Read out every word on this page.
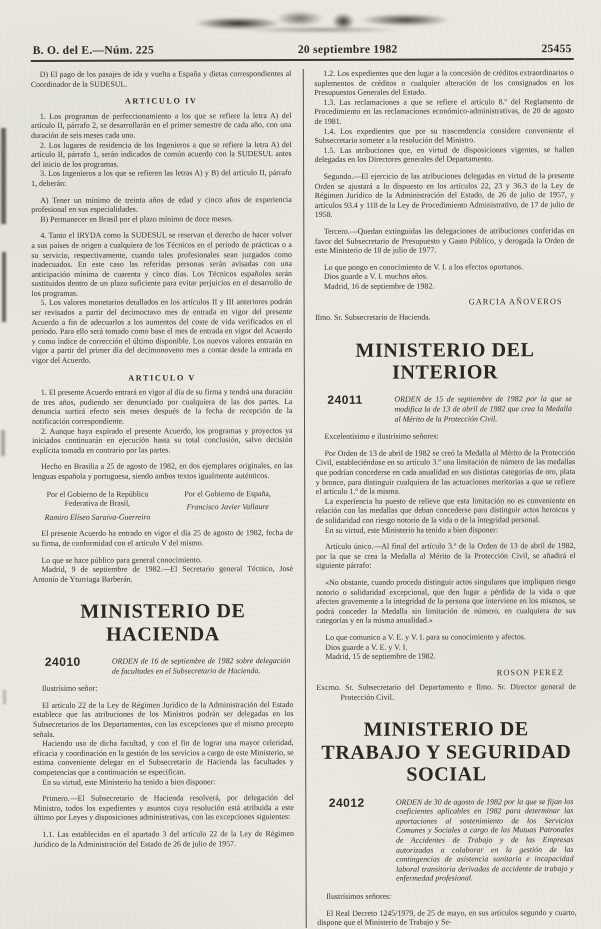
B. O. del E.—Núm. 225	20 septiembre 1982	25455

D) El pago de los pasajes de ida y vuelta a España y dietas correspondientes al Coordinador de la SUDESUL.

ARTICULO IV

1. Los programas de perfeccionamiento a los que se refiere la letra A) del artículo II, párrafo 2, se desarrollarán en el primer semestre de cada año, con una duración de seis meses cada uno.

2. Los lugares de residencia de los Ingenieros a que se refiere la letra A) del artículo II, párrafo 1, serán indicados de común acuerdo con la SUDESUL antes del inicio de los programas.

3. Los Ingenieros a los que se refieren las letras A) y B) del artículo II, párrafo 1, deberán:

A) Tener un mínimo de treinta años de edad y cinco años de experiencia profesional en sus especialidades.

B) Permanecer en Brasil por el plazo mínimo de doce meses.

4. Tanto el IRYDA como la SUDESUL se reservan el derecho de hacer volver a sus países de origen a cualquiera de los Técnicos en el período de prácticas o a su servicio, respectivamente, cuando tales profesionales sean juzgados como inadecuados. En este caso las referidas personas serán avisadas con una anticipación mínima de cuarenta y cinco días. Los Técnicos españoles serán sustituidos dentro de un plazo suficiente para evitar perjuicios en el desarrollo de los programas.

5. Los valores monetarios detallados en los artículos II y III anteriores podrán ser revisados a partir del decimoctavo mes de entrada en vigor del presente Acuerdo a fin de adecuarlos a los aumentos del coste de vida verificados en el período. Para ello será tomado como base el mes de entrada en vigor del Acuerdo y como índice de corrección el último disponible. Los nuevos valores entrarán en vigor a partir del primer día del decimonoveno mes a contar desde la entrada en vigor del Acuerdo.

ARTICULO V

1. El presente Acuerdo entrará en vigor al día de su firma y tendrá una duración de tres años, pudiendo ser denunciado por cualquiera de las dos partes. La denuncia surtirá efecto seis meses después de la fecha de recepción de la notificación correspondiente.

2. Aunque haya expirado el presente Acuerdo, los programas y proyectos ya iniciados continuarán en ejecución hasta su total conclusión, salvo decisión explícita tomada en contrario por las partes.

Hecho en Brasilia a 25 de agosto de 1982, en dos ejemplares originales, en las lenguas española y portuguesa, siendo ambos textos igualmente auténticos.

Por el Gobierno de la República Federativa de Brasil,
Ramiro Elíseo Saraiva-Guerreiro
Por el Gobierno de España,
Francisco Javier Vallaure

El presente Acuerdo ha entrado en vigor el día 25 de agosto de 1982, fecha de su firma, de conformidad con el artículo V del mismo.

Lo que se hace público para general conocimiento.

Madrid, 9 de septiembre de 1982.—El Secretario general Técnico, José Antonio de Yturriaga Barberán.

MINISTERIO DE HACIENDA
24010	ORDEN de 16 de septiembre de 1982 sobre delegación de facultades en el Subsecretario de Hacienda.

Ilustrísimo señor:

El artículo 22 de la Ley de Régimen Jurídico de la Administración del Estado establece que las atribuciones de los Ministros podrán ser delegadas en los Subsecretarios de los Departamentos, con las excepciones que el mismo precepto señala.

Haciendo uso de dicha facultad, y con el fin de lograr una mayor celeridad, eficacia y coordinación en la gestión de los servicios a cargo de este Ministerio, se estima conveniente delegar en el Subsecretario de Hacienda las facultades y competencias que a continuación se especifican.

En su virtud, este Ministerio ha tenido a bien disponer:

Primero.—El Subsecretario de Hacienda resolverá, por delegación del Ministro, todos los expedientes y asuntos cuya resolución está atribuida a este último por Leyes y disposiciones administrativas, con las excepciones siguientes:

1.1. Las establecidas en el apartado 3 del artículo 22 de la Ley de Régimen Jurídico de la Administración del Estado de 26 de julio de 1957.

1.2. Los expedientes que den lugar a la concesión de créditos extraordinarios o suplementos de créditos o cualquier alteración de los consignados en los Presupuestos Generales del Estado.

1.3. Las reclamaciones a que se refiere el artículo 8.º del Reglamento de Procedimiento en las reclamaciones económico-administrativas, de 20 de agosto de 1981.

1.4. Los expedientes que por su trascendencia considere conveniente el Subsecretario someter a la resolución del Ministro.

1.5. Las atribuciones que, en virtud de disposiciones vigentes, se hallen delegadas en los Directores generales del Departamento.

Segundo.—El ejercicio de las atribuciones delegadas en virtud de la presente Orden se ajustará a lo dispuesto en los artículos 22, 23 y 36.3 de la Ley de Régimen Jurídico de la Administración del Estado, de 26 de julio de 1957, y artículos 93.4 y 118 de la Ley de Procedimiento Administrativo, de 17 de julio de 1958.

Tercero.—Quedan extinguidas las delegaciones de atribuciones conferidas en favor del Subsecretario de Presupuesto y Gasto Público, y derogada la Orden de este Ministerio de 18 de julio de 1977.

Lo que pongo en conocimiento de V. I. a los efectos oportunos.

Dios guarde a V. I. muchos años.

Madrid, 16 de septiembre de 1982.

GARCIA AÑOVEROS
Ilmo. Sr. Subsecretario de Hacienda.
MINISTERIO DEL INTERIOR
24011	ORDEN de 15 de septiembre de 1982 por la que se modifica la de 13 de abril de 1982 que crea la Medalla al Mérito de la Protección Civil.

Excelentísimo e ilustrísimo señores:

Por Orden de 13 de abril de 1982 se creó la Medalla al Mérito de la Protección Civil, estableciéndose en su artículo 3.º una limitación de número de las medallas que podrían concederse en cada anualidad en sus distintas categorías de oro, plata y bronce, para distinguir cualquiera de las actuaciones meritorias a que se refiere el artículo 1.º de la misma.

La experiencia ha puesto de relieve que esta limitación no es conveniente en relación con las medallas que deban concederse para distinguir actos heroicos y de solidaridad con riesgo notorio de la vida o de la integridad personal.

En su virtud, este Ministerio ha tenido a bien disponer:

Artículo único.—Al final del artículo 3.º de la Orden de 13 de abril de 1982, por la que se crea la Medalla al Mérito de la Protección Civil, se añadirá el siguiente párrafo:

«No obstante, cuando proceda distinguir actos singulares que impliquen riesgo notorio o solidaridad excepcional, que den lugar a pérdida de la vida o que afecten gravemente a la integridad de la persona que interviene en los mismos, se podrá conceder la Medalla sin limitación de número, en cualquiera de sus categorías y en la misma anualidad.»

Lo que comunico a V. E. y V. I. para su conocimiento y afectos.

Dios guarde a V. E. y V. I.

Madrid, 15 de septiembre de 1982.

ROSON PEREZ
Excmo. Sr. Subsecretario del Departamento e Ilmo. Sr. Director general de Protección Civil.
MINISTERIO DE TRABAJO Y SEGURIDAD SOCIAL
24012	ORDEN de 30 de agosto de 1982 por la que se fijan los coeficientes aplicables en 1982 para determinar las aportaciones al sostenimiento de los Servicios Comunes y Sociales a cargo de las Mutuas Patronales de Accidentes de Trabajo y de las Empresas autorizadas a colaborar en la gestión de las contingencias de asistencia sanitaria e incapacidad laboral transitoria derivadas de accidente de trabajo y enfermedad profesional.

Ilustrísimos señores:

El Real Decreto 1245/1979, de 25 de mayo, en sus artículos segundo y cuarto, dispone que el Ministerio de Trabajo y Se-
